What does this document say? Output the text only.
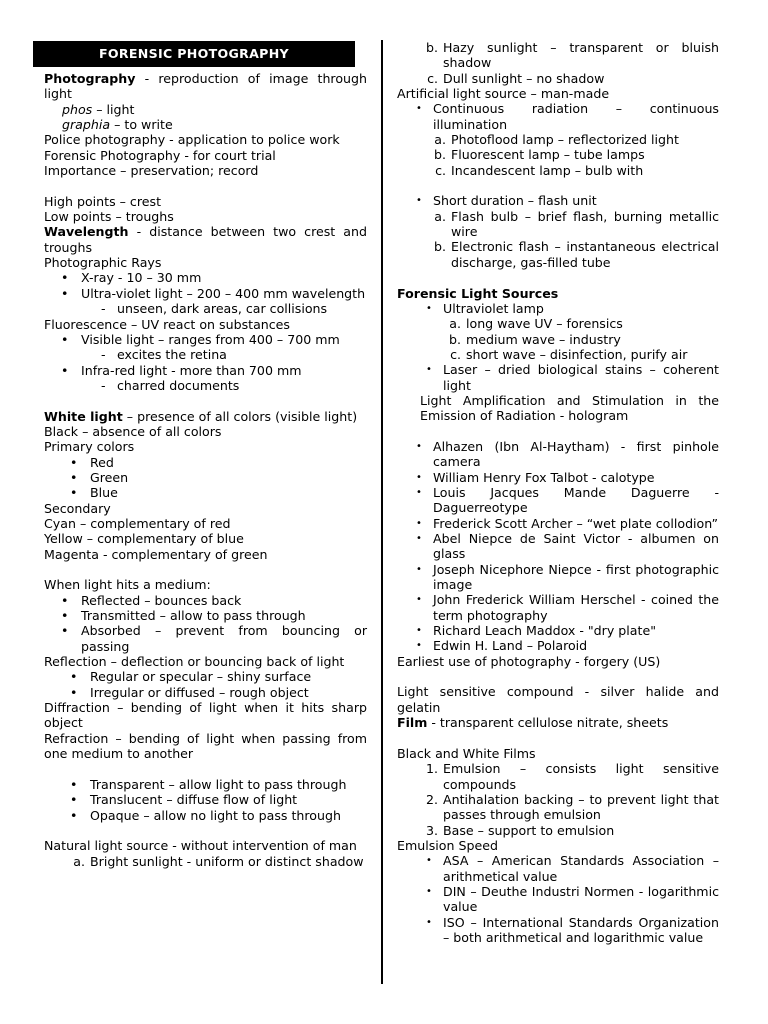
FORENSIC PHOTOGRAPHY

Photography - reproduction of image through light

phos – light

graphia – to write

Police photography - application to police work

Forensic Photography - for court trial

Importance – preservation; record

High points – crest

Low points – troughs

Wavelength - distance between two crest and troughs

Photographic Rays

• X-ray - 10 – 30 mm
• Ultra-violet light – 200 – 400 mm wavelength
- unseen, dark areas, car collisions

Fluorescence – UV react on substances

• Visible light – ranges from 400 – 700 mm
- excites the retina
• Infra-red light - more than 700 mm
- charred documents

White light – presence of all colors (visible light)

Black – absence of all colors

Primary colors

• Red
• Green
• Blue

Secondary

Cyan – complementary of red

Yellow – complementary of blue

Magenta - complementary of green

When light hits a medium:

• Reflected – bounces back
• Transmitted – allow to pass through
• Absorbed – prevent from bouncing or passing

Reflection – deflection or bouncing back of light

• Regular or specular – shiny surface
• Irregular or diffused – rough object

Diffraction – bending of light when it hits sharp object

Refraction – bending of light when passing from one medium to another

• Transparent – allow light to pass through
• Translucent – diffuse flow of light
• Opaque – allow no light to pass through

Natural light source - without intervention of man

a. Bright sunlight - uniform or distinct shadow
b. Hazy sunlight – transparent or bluish shadow
c. Dull sunlight – no shadow

Artificial light source – man-made

• Continuous radiation – continuous illumination
a. Photoflood lamp – reflectorized light
b. Fluorescent lamp – tube lamps
c. Incandescent lamp – bulb with
• Short duration – flash unit
a. Flash bulb – brief flash, burning metallic wire
b. Electronic flash – instantaneous electrical discharge, gas-filled tube

Forensic Light Sources

• Ultraviolet lamp
a. long wave UV – forensics
b. medium wave – industry
c. short wave – disinfection, purify air
• Laser – dried biological stains – coherent light

Light Amplification and Stimulation in the Emission of Radiation - hologram

• Alhazen (Ibn Al-Haytham) - first pinhole camera
• William Henry Fox Talbot - calotype
• Louis Jacques Mande Daguerre - Daguerreotype
• Frederick Scott Archer – “wet plate collodion”
• Abel Niepce de Saint Victor - albumen on glass
• Joseph Nicephore Niepce - first photographic image
• John Frederick William Herschel - coined the term photography
• Richard Leach Maddox - "dry plate"
• Edwin H. Land – Polaroid

Earliest use of photography - forgery (US)

Light sensitive compound - silver halide and gelatin

Film - transparent cellulose nitrate, sheets

Black and White Films

1. Emulsion – consists light sensitive compounds
2. Antihalation backing – to prevent light that passes through emulsion
3. Base – support to emulsion

Emulsion Speed

• ASA – American Standards Association – arithmetical value
• DIN – Deuthe Industri Normen - logarithmic value
• ISO – International Standards Organization – both arithmetical and logarithmic value
